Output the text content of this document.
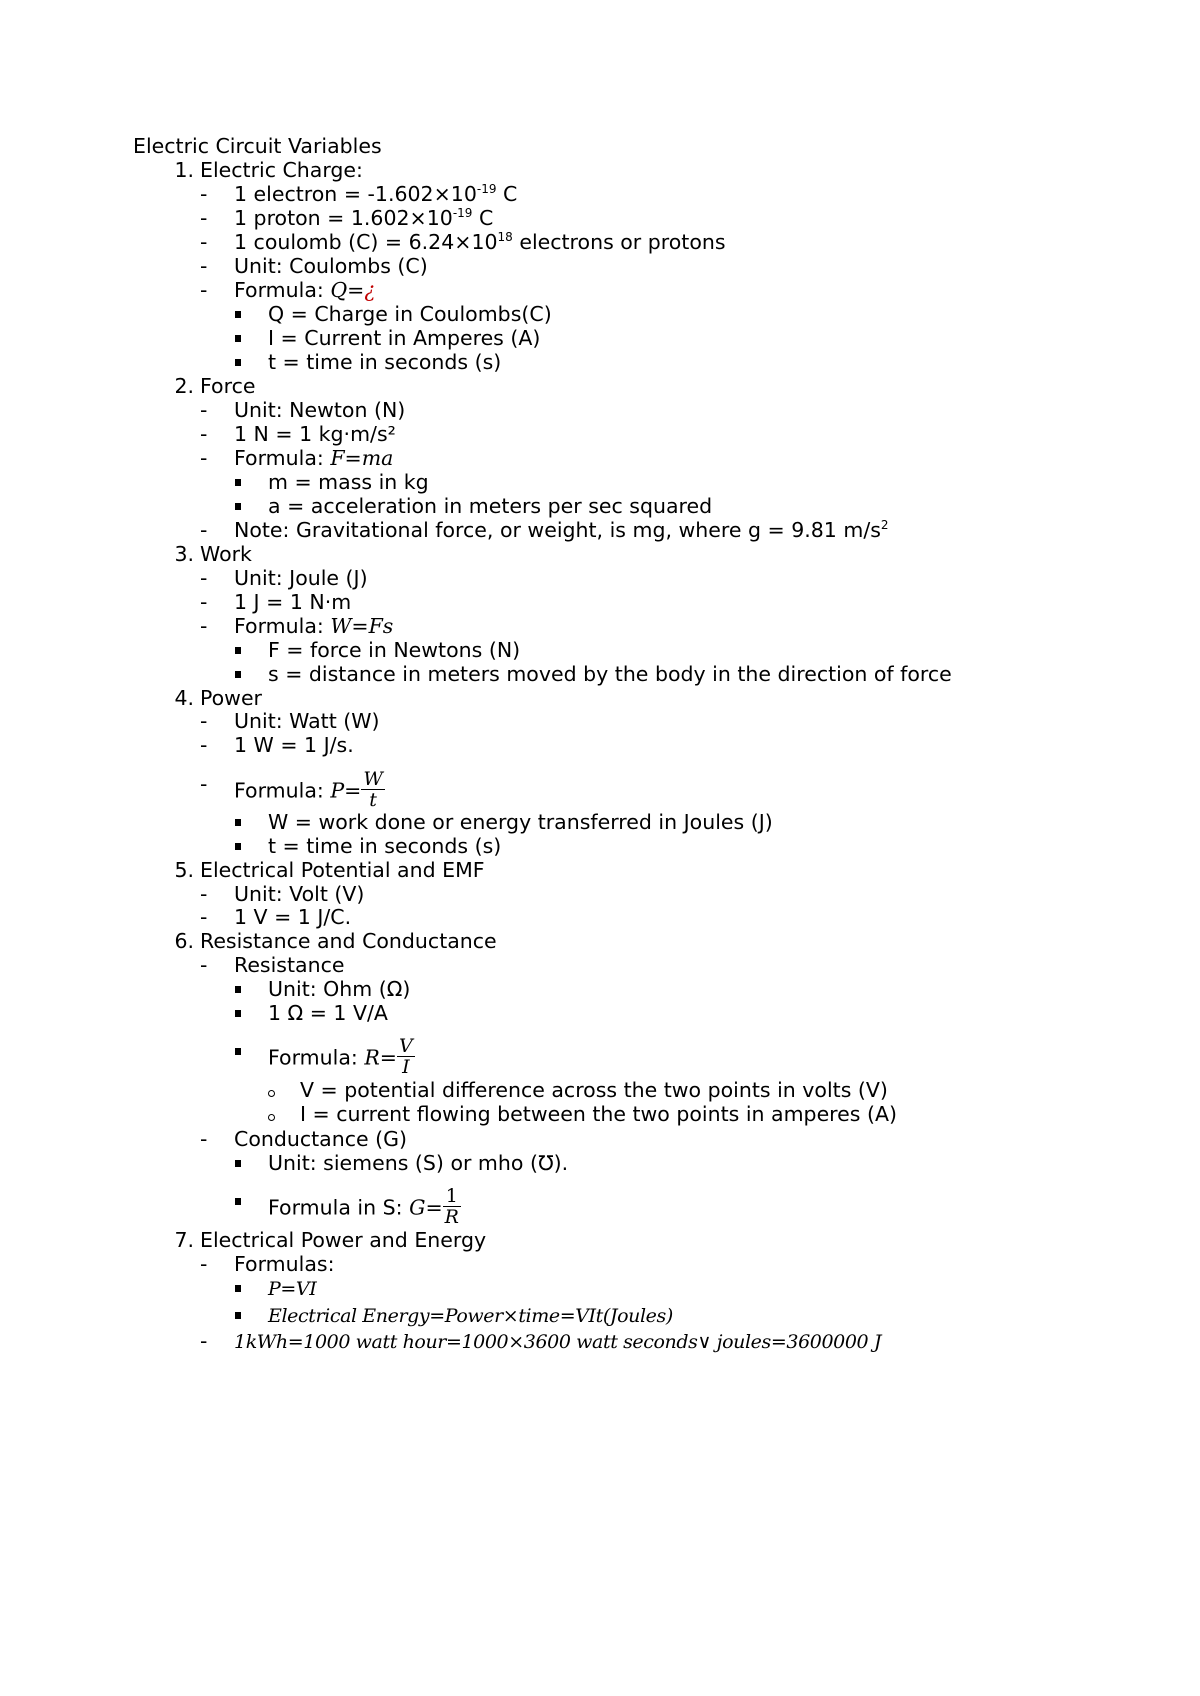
Electric Circuit Variables
1. Electric Charge:
- 1 electron = $-1.602\times 10^{-19}$ C
- 1 proton = $1.602\times 10^{-19}$ C
- 1 coulomb $(C) = 6.24\times 10^{18}$ electrons or protons
- Unit: Coulombs (C)
- Formula: Q=¿
Q = Charge in Coulombs(C)
I = Current in Amperes (A)
t = time in seconds (s)
2. Force
- Unit: Newton (N)
- 1 N = 1 kg·m/s²
- Formula: F=ma
m = mass in kg
a = acceleration in meters per sec squared
- Note: Gravitational force, or weight, is mg, where g = 9.81 $m/s^2$
3. Work
- Unit: Joule (J)
- 1 J = 1 N·m
- Formula: W=Fs
F = force in Newtons (N)
s = distance in meters moved by the body in the direction of force
4. Power
- Unit: Watt (W)
- 1 W = 1 J/s.
- Formula: $P= \frac{W}{t}$
W = work done or energy transferred in Joules (J)
t = time in seconds (s)
5. Electrical Potential and EMF
- Unit: Volt (V)
- 1 V = 1 J/C.
6. Resistance and Conductance
- Resistance
Unit: Ohm (Ω)
1 Ω = 1 V/A
Formula: $R= \frac{V}{I}$
V = potential difference across the two points in volts (V)
I = current flowing between the two points in amperes (A)
- Conductance (G)
Unit: siemens (S) or mho (℧).
Formula in S: $G= \frac{1}{R}$
7. Electrical Power and Energy
- Formulas:
P=VI
Electrical Energy=Power×time=VIt(Joules)
- 1kWh=1000 watt hour=1000×3600 watt seconds∨ joules=3600000 J
